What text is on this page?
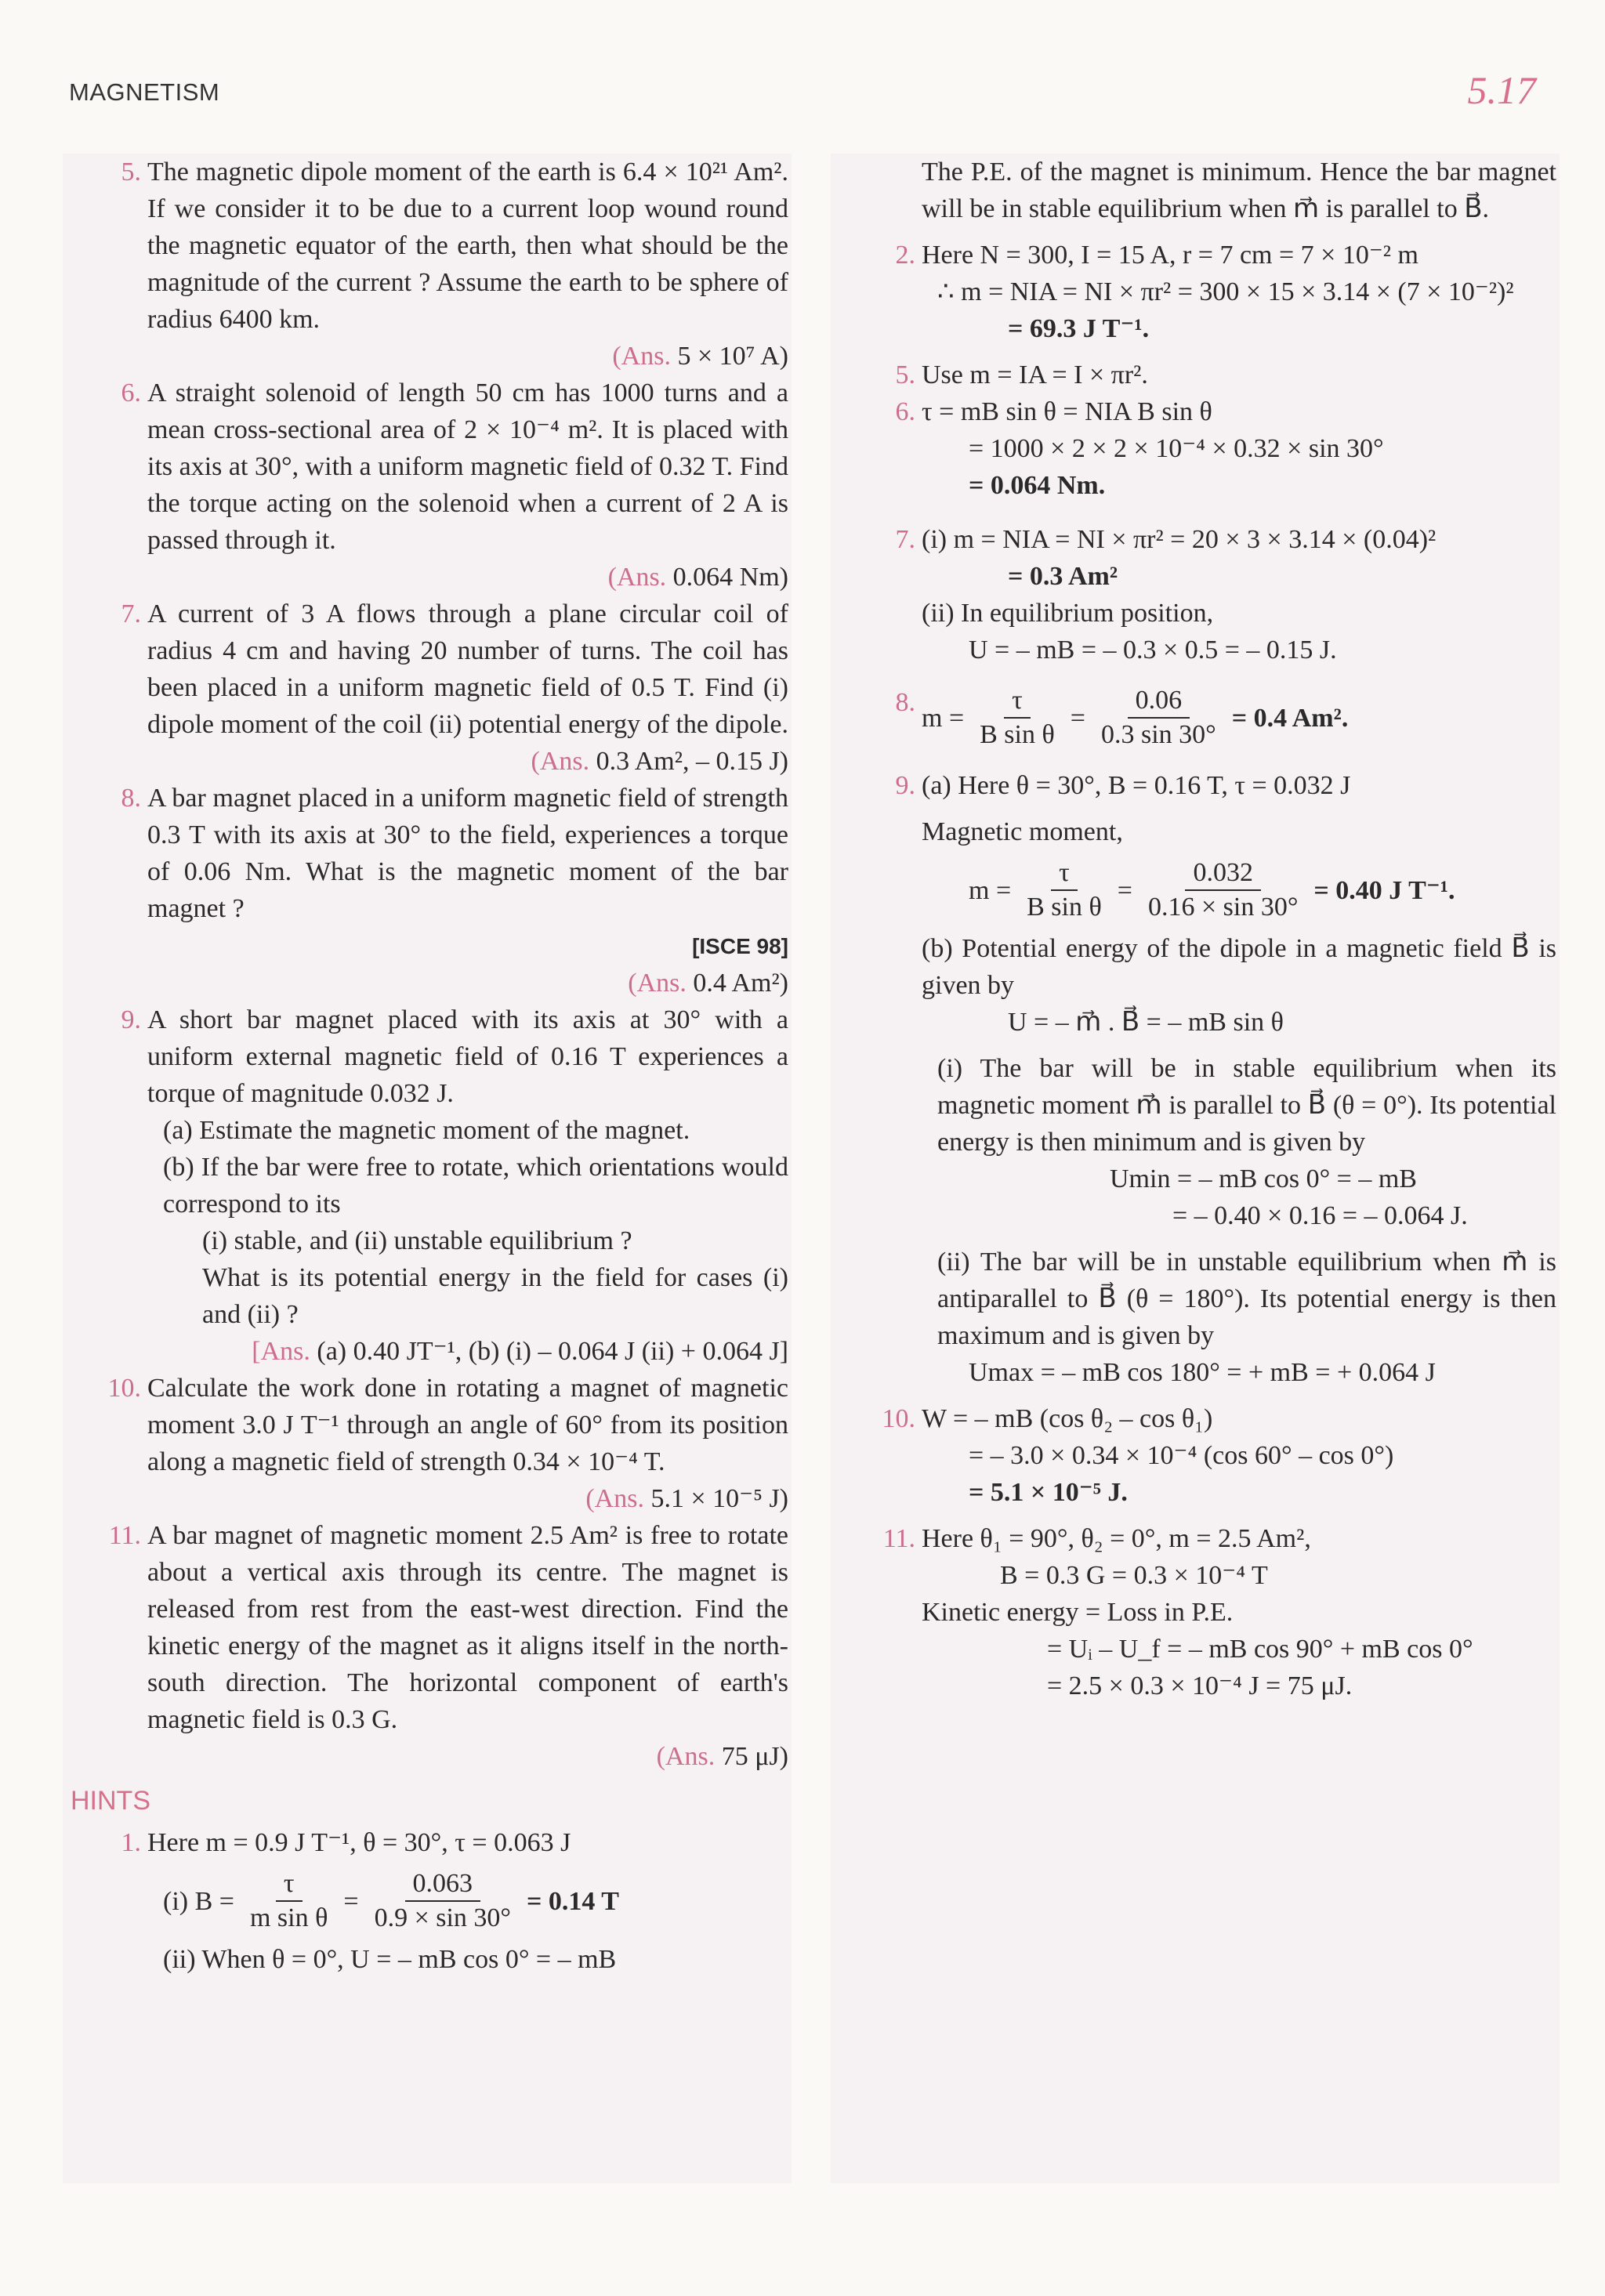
MAGNETISM	5.17
5. The magnetic dipole moment of the earth is 6.4 × 10²¹ Am². If we consider it to be due to a current loop wound round the magnetic equator of the earth, then what should be the magnitude of the current ? Assume the earth to be sphere of radius 6400 km.

(Ans. 5 × 10⁷ A)

6. A straight solenoid of length 50 cm has 1000 turns and a mean cross-sectional area of 2 × 10⁻⁴ m². It is placed with its axis at 30°, with a uniform magnetic field of 0.32 T. Find the torque acting on the solenoid when a current of 2 A is passed through it.

(Ans. 0.064 Nm)

7. A current of 3 A flows through a plane circular coil of radius 4 cm and having 20 number of turns. The coil has been placed in a uniform magnetic field of 0.5 T. Find (i) dipole moment of the coil (ii) potential energy of the dipole.

(Ans. 0.3 Am², – 0.15 J)

8. A bar magnet placed in a uniform magnetic field of strength 0.3 T with its axis at 30° to the field, experiences a torque of 0.06 Nm. What is the magnetic moment of the bar magnet ?

[ISCE 98]

(Ans. 0.4 Am²)

9. A short bar magnet placed with its axis at 30° with a uniform external magnetic field of 0.16 T experiences a torque of magnitude 0.032 J.

(a) Estimate the magnetic moment of the magnet.

(b) If the bar were free to rotate, which orientations would correspond to its

(i) stable, and (ii) unstable equilibrium ?

What is its potential energy in the field for cases (i) and (ii) ?

[Ans. (a) 0.40 JT⁻¹, (b) (i) – 0.064 J (ii) + 0.064 J]

10. Calculate the work done in rotating a magnet of magnetic moment 3.0 J T⁻¹ through an angle of 60° from its position along a magnetic field of strength 0.34 × 10⁻⁴ T.

(Ans. 5.1 × 10⁻⁵ J)

11. A bar magnet of magnetic moment 2.5 Am² is free to rotate about a vertical axis through its centre. The magnet is released from rest from the east-west direction. Find the kinetic energy of the magnet as it aligns itself in the north-south direction. The horizontal component of earth's magnetic field is 0.3 G.

(Ans. 75 μJ)

HINTS
1. Here m = 0.9 J T⁻¹, θ = 30°, τ = 0.063 J

(i) $B = \frac{\tau}{\text{m sin θ}} = \frac{0.063}{0.9 \times \sin 30^\circ} = 0.14$ T

(ii) When θ = 0°, U = – mB cos 0° = – mB

The P.E. of the magnet is minimum. Hence the bar magnet will be in stable equilibrium when m⃗ is parallel to B⃗.

2. Here N = 300, I = 15 A, r = 7 cm = 7 × 10⁻² m

∴ m = NIA = NI × πr² = 300 × 15 × 3.14 × (7 × 10⁻²)²

= 69.3 J T⁻¹.

5. Use m = IA = I × πr².

6. τ = mB sin θ = NIA B sin θ

= 1000 × 2 × 2 × 10⁻⁴ × 0.32 × sin 30°

= 0.064 Nm.

7. (i) m = NIA = NI × πr² = 20 × 3 × 3.14 × (0.04)²

= 0.3 Am²

(ii) In equilibrium position,

U = – mB = – 0.3 × 0.5 = – 0.15 J.

8.
$m = \frac{\tau}{\text{B sin θ}} = \frac{0.06}{0.3 \sin 30^\circ} = 0.4$ Am².
9. (a) Here θ = 30°, B = 0.16 T, τ = 0.032 J

Magnetic moment,

$m = \frac{\tau}{\text{B sin θ}} = \frac{0.032}{0.16 \times \sin 30^\circ} = 0.40$ J T⁻¹.

(b) Potential energy of the dipole in a magnetic field B⃗ is given by

U = – m⃗ . B⃗ = – mB sin θ

(i) The bar will be in stable equilibrium when its magnetic moment m⃗ is parallel to B⃗ (θ = 0°). Its potential energy is then minimum and is given by

Umin = – mB cos 0° = – mB

= – 0.40 × 0.16 = – 0.064 J.

(ii) The bar will be in unstable equilibrium when m⃗ is antiparallel to B⃗ (θ = 180°). Its potential energy is then maximum and is given by

Umax = – mB cos 180° = + mB = + 0.064 J

10. W = – mB (cos θ₂ – cos θ₁)

= – 3.0 × 0.34 × 10⁻⁴ (cos 60° – cos 0°)

= 5.1 × 10⁻⁵ J.

11. Here θ₁ = 90°, θ₂ = 0°, m = 2.5 Am²,

B = 0.3 G = 0.3 × 10⁻⁴ T

Kinetic energy = Loss in P.E.

= Uᵢ – U_f = – mB cos 90° + mB cos 0°

= 2.5 × 0.3 × 10⁻⁴ J = 75 μJ.
